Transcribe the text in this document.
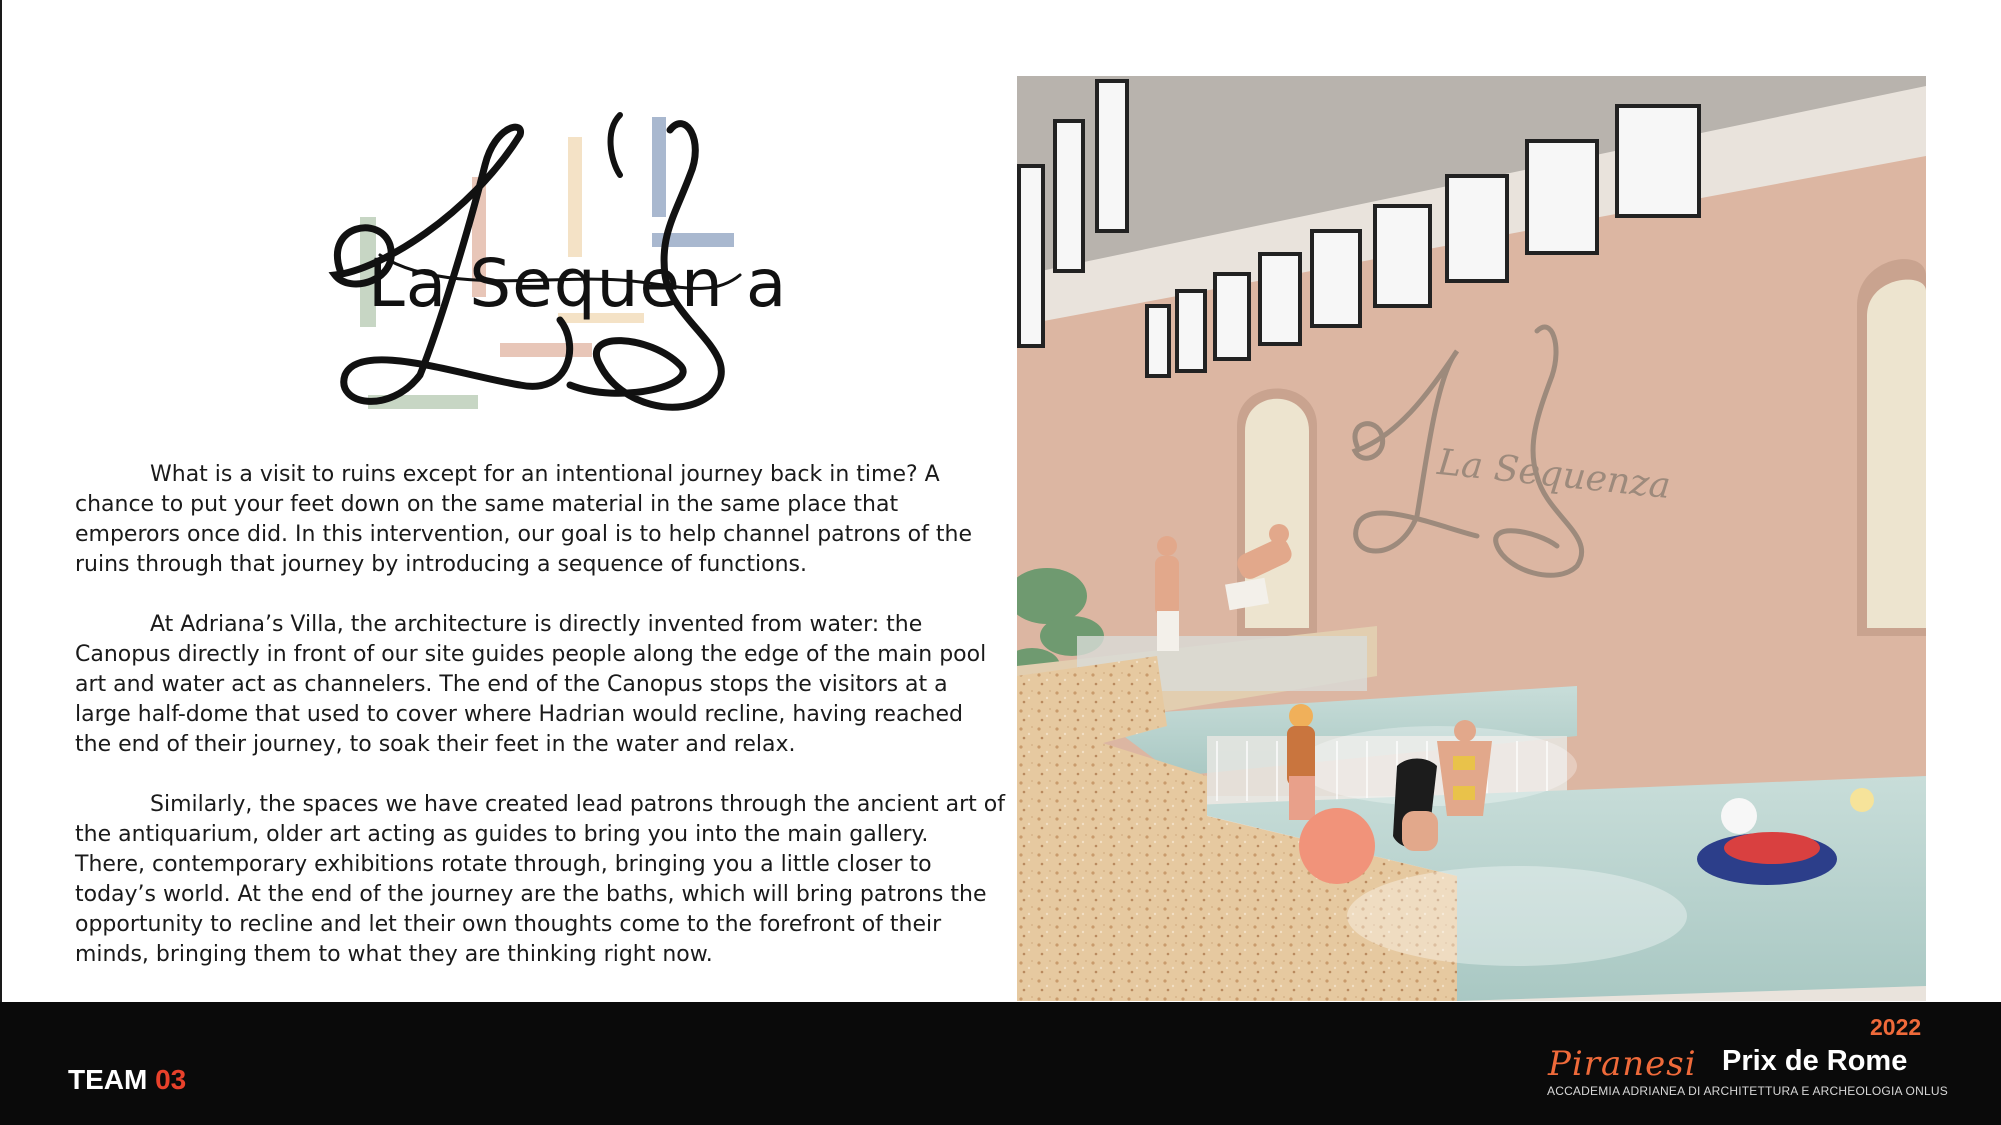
La Sequen a

What is a visit to ruins except for an intentional journey back in time? A chance to put your feet down on the same material in the same place that emperors once did. In this intervention, our goal is to help channel patrons of the ruins through that journey by introducing a sequence of functions.

At Adriana’s Villa, the architecture is directly invented from water: the Canopus directly in front of our site guides people along the edge of the main pool art and water act as channelers. The end of the Canopus stops the visitors at a large half-dome that used to cover where Hadrian would recline, having reached the end of their journey, to soak their feet in the water and relax.

Similarly, the spaces we have created lead patrons through the ancient art of the antiquarium, older art acting as guides to bring you into the main gallery. There, contemporary exhibitions rotate through, bringing you a little closer to today’s world. At the end of the journey are the baths, which will bring patrons the opportunity to recline and let their own thoughts come to the forefront of their minds, bringing them to what they are thinking right now.

La Sequenza

TEAM 03

2022
Piranesi Prix de Rome
ACCADEMIA ADRIANEA DI ARCHITETTURA E ARCHEOLOGIA ONLUS
